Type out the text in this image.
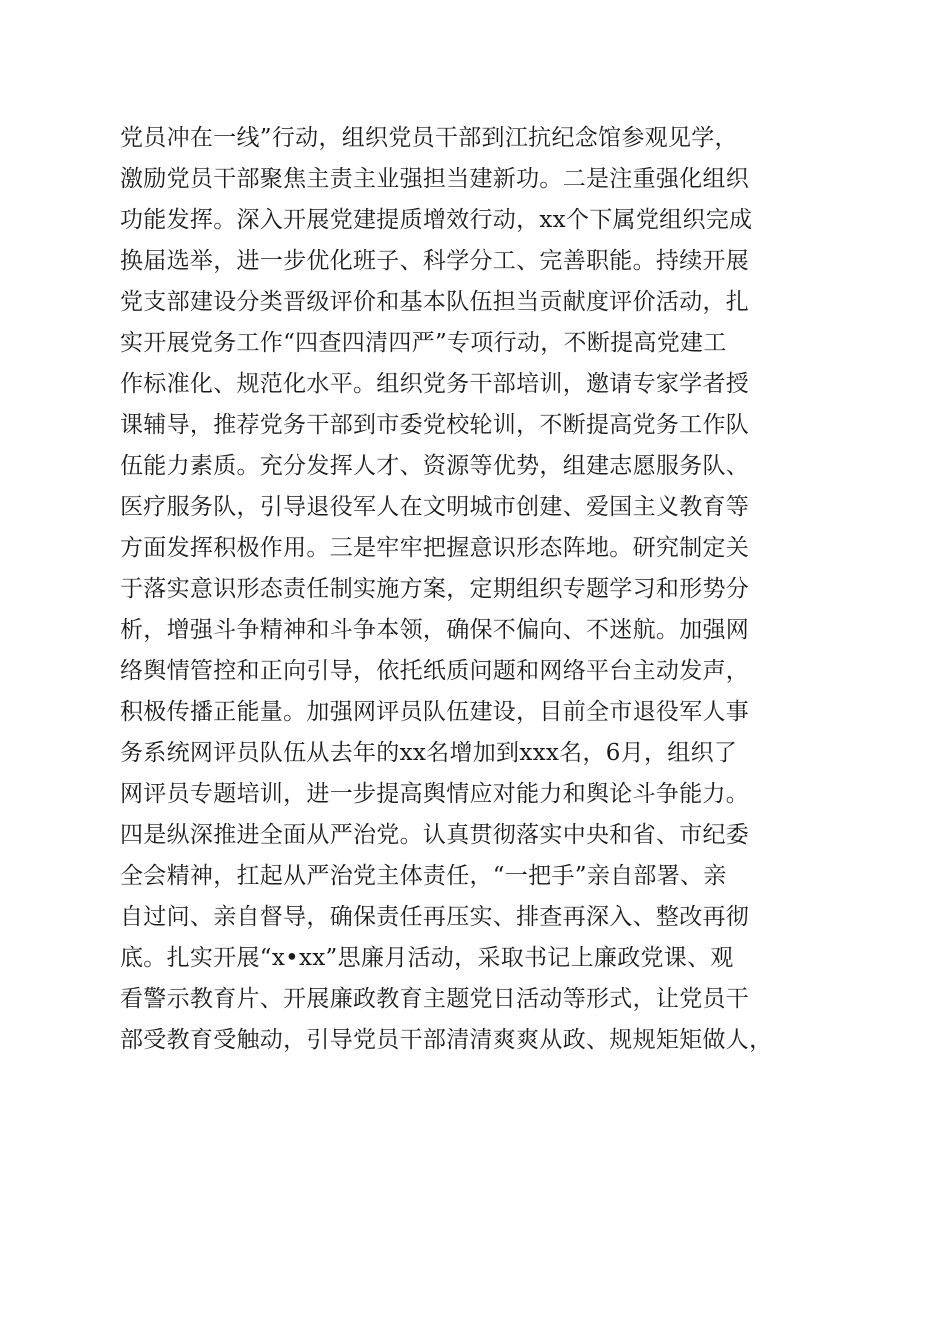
党员冲在一线”行动，组织党员干部到江抗纪念馆参观见学，
激励党员干部聚焦主责主业强担当建新功。二是注重强化组织
功能发挥。深入开展党建提质增效行动，xx个下属党组织完成
换届选举，进一步优化班子、科学分工、完善职能。持续开展
党支部建设分类晋级评价和基本队伍担当贡献度评价活动，扎
实开展党务工作“四查四清四严”专项行动，不断提高党建工
作标准化、规范化水平。组织党务干部培训，邀请专家学者授
课辅导，推荐党务干部到市委党校轮训，不断提高党务工作队
伍能力素质。充分发挥人才、资源等优势，组建志愿服务队、
医疗服务队，引导退役军人在文明城市创建、爱国主义教育等
方面发挥积极作用。三是牢牢把握意识形态阵地。研究制定关
于落实意识形态责任制实施方案，定期组织专题学习和形势分
析，增强斗争精神和斗争本领，确保不偏向、不迷航。加强网
络舆情管控和正向引导，依托纸质问题和网络平台主动发声，
积极传播正能量。加强网评员队伍建设，目前全市退役军人事
务系统网评员队伍从去年的xx名增加到xxx名，6月，组织了
网评员专题培训，进一步提高舆情应对能力和舆论斗争能力。
四是纵深推进全面从严治党。认真贯彻落实中央和省、市纪委
全会精神，扛起从严治党主体责任，“一把手”亲自部署、亲
自过问、亲自督导，确保责任再压实、排查再深入、整改再彻
底。扎实开展“x•xx”思廉月活动，采取书记上廉政党课、观
看警示教育片、开展廉政教育主题党日活动等形式，让党员干
部受教育受触动，引导党员干部清清爽爽从政、规规矩矩做人，
